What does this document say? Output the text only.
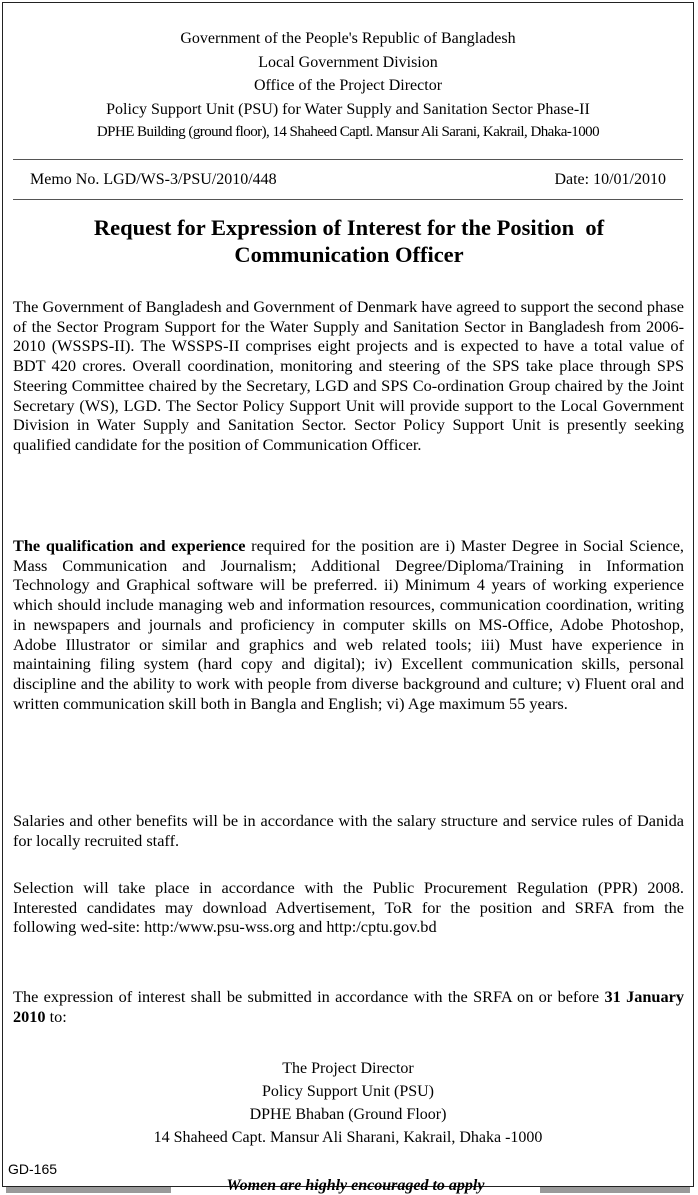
Government of the People's Republic of Bangladesh
Local Government Division
Office of the Project Director
Policy Support Unit (PSU) for Water Supply and Sanitation Sector Phase-II
DPHE Building (ground floor), 14 Shaheed Captl. Mansur Ali Sarani, Kakrail, Dhaka-1000
Memo No. LGD/WS-3/PSU/2010/448	Date: 10/01/2010
Request for Expression of Interest for the Position  of
Communication Officer

The Government of Bangladesh and Government of Denmark have agreed to support the second phase of the Sector Program Support for the Water Supply and Sanitation Sector in Bangladesh from 2006-2010 (WSSPS-II). The WSSPS-II comprises eight projects and is expected to have a total value of BDT 420 crores. Overall coordination, monitoring and steering of the SPS take place through SPS Steering Committee chaired by the Secretary, LGD and SPS Co-ordination Group chaired by the Joint Secretary (WS), LGD. The Sector Policy Support Unit will provide support to the Local Government Division in Water Supply and Sanitation Sector. Sector Policy Support Unit is presently seeking qualified candidate for the position of Communication Officer.

The qualification and experience required for the position are i) Master Degree in Social Science, Mass Communication and Journalism; Additional Degree/Diploma/Training in Information Technology and Graphical software will be preferred. ii) Minimum 4 years of working experience which should include managing web and information resources, communication coordination, writing in newspapers and journals and proficiency in computer skills on MS-Office, Adobe Photoshop, Adobe Illustrator or similar and graphics and web related tools; iii) Must have experience in maintaining filing system (hard copy and digital); iv) Excellent communication skills, personal discipline and the ability to work with people from diverse background and culture; v) Fluent oral and written communication skill both in Bangla and English; vi) Age maximum 55 years.

Salaries and other benefits will be in accordance with the salary structure and service rules of Danida for locally recruited staff.

Selection will take place in accordance with the Public Procurement Regulation (PPR) 2008. Interested candidates may download Advertisement, ToR for the position and SRFA from the following wed-site: http:/www.psu-wss.org and http:/cptu.gov.bd

The expression of interest shall be submitted in accordance with the SRFA on or before 31 January 2010 to:

The Project Director
Policy Support Unit (PSU)
DPHE Bhaban (Ground Floor)
14 Shaheed Capt. Mansur Ali Sharani, Kakrail, Dhaka -1000
GD-165
Women are highly encouraged to apply
